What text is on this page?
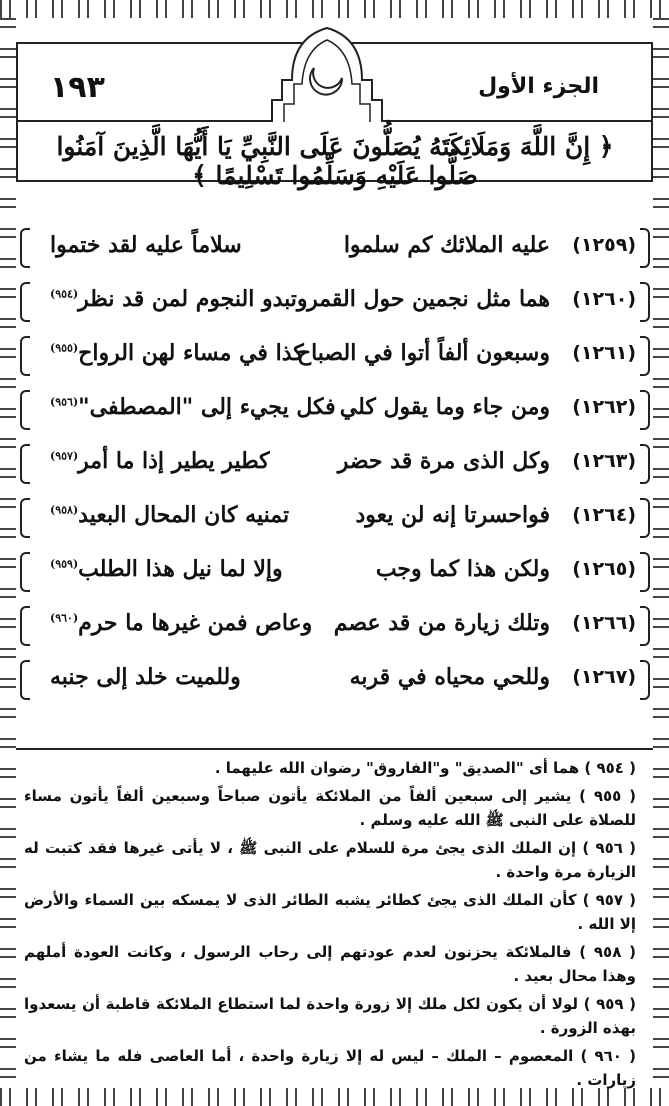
١٩٣	الجزء الأول
﴿ إِنَّ اللَّهَ وَمَلَائِكَتَهُ يُصَلُّونَ عَلَى النَّبِيِّ يَا أَيُّهَا الَّذِينَ آمَنُوا صَلُّوا عَلَيْهِ وَسَلِّمُوا تَسْلِيمًا ﴾
(١٢٥٩)
عليه الملائك كم سلموا
سلاماً عليه لقد ختموا
(١٢٦٠)
هما مثل نجمين حول القمر
وتبدو النجوم لمن قد نظر$^{(٩٥٤)}$
(١٢٦١)
وسبعون ألفاً أتوا في الصباح
كذا في مساء لهن الرواح$^{(٩٥٥)}$
(١٢٦٢)
ومن جاء وما يقول كلي
فكل يجيء إلى "المصطفى"$^{(٩٥٦)}$
(١٢٦٣)
وكل الذى مرة قد حضر
كطير يطير إذا ما أمر$^{(٩٥٧)}$
(١٢٦٤)
فواحسرتا إنه لن يعود
تمنيه كان المحال البعيد$^{(٩٥٨)}$
(١٢٦٥)
ولكن هذا كما وجب
وإلا لما نيل هذا الطلب$^{(٩٥٩)}$
(١٢٦٦)
وتلك زيارة من قد عصم
وعاص فمن غيرها ما حرم$^{(٩٦٠)}$
(١٢٦٧)
وللحي محياه في قربه
وللميت خلد إلى جنبه

( ٩٥٤ ) هما أى "الصديق" و"الفاروق" رضوان الله عليهما .

( ٩٥٥ ) يشير إلى سبعين ألفاً من الملائكة يأتون صباحاً وسبعين ألفاً يأتون مساء للصلاة على النبى ﷺ الله عليه وسلم .

( ٩٥٦ ) إن الملك الذى يجئ مرة للسلام على النبى ﷺ ، لا يأتى غيرها فقد كتبت له الزيارة مرة واحدة .

( ٩٥٧ ) كأن الملك الذى يجئ كطائر يشبه الطائر الذى لا يمسكه بين السماء والأرض إلا الله .

( ٩٥٨ ) فالملائكة يحزنون لعدم عودتهم إلى رحاب الرسول ، وكانت العودة أملهم وهذا محال بعيد .

( ٩٥٩ ) لولا أن يكون لكل ملك إلا زورة واحدة لما استطاع الملائكة قاطبة أن يسعدوا بهذه الزورة .

( ٩٦٠ ) المعصوم – الملك – ليس له إلا زيارة واحدة ، أما العاصى فله ما يشاء من زيارات .
